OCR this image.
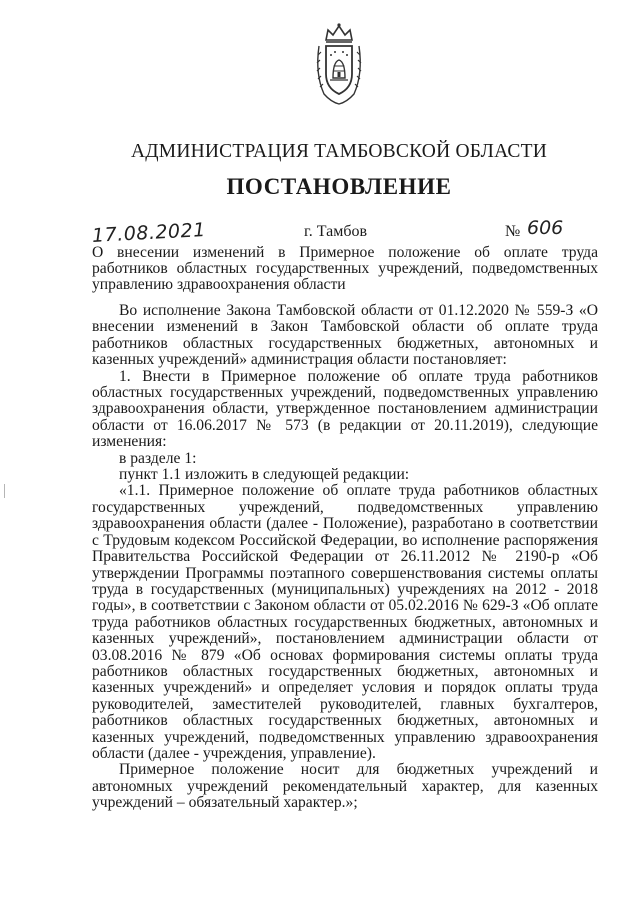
АДМИНИСТРАЦИЯ ТАМБОВСКОЙ ОБЛАСТИ
ПОСТАНОВЛЕНИЕ
17.08.2021	г. Тамбов	№ 606
О внесении изменений в Примерное положение об оплате труда работников областных государственных учреждений, подведомственных управлению здравоохранения области

Во исполнение Закона Тамбовской области от 01.12.2020 № 559-З «О внесении изменений в Закон Тамбовской области об оплате труда работников областных государственных бюджетных, автономных и казенных учреждений» администрация области постановляет:

1. Внести в Примерное положение об оплате труда работников областных государственных учреждений, подведомственных управлению здравоохранения области, утвержденное постановлением администрации области от 16.06.2017 № 573 (в редакции от 20.11.2019), следующие изменения:

в разделе 1:

пункт 1.1 изложить в следующей редакции:

«1.1. Примерное положение об оплате труда работников областных государственных учреждений, подведомственных управлению здравоохранения области (далее - Положение), разработано в соответствии с Трудовым кодексом Российской Федерации, во исполнение распоряжения Правительства Российской Федерации от 26.11.2012 № 2190-р «Об утверждении Программы поэтапного совершенствования системы оплаты труда в государственных (муниципальных) учреждениях на 2012 - 2018 годы», в соответствии с Законом области от 05.02.2016 № 629-З «Об оплате труда работников областных государственных бюджетных, автономных и казенных учреждений», постановлением администрации области от 03.08.2016 № 879 «Об основах формирования системы оплаты труда работников областных государственных бюджетных, автономных и казенных учреждений» и определяет условия и порядок оплаты труда руководителей, заместителей руководителей, главных бухгалтеров, работников областных государственных бюджетных, автономных и казенных учреждений, подведомственных управлению здравоохранения области (далее - учреждения, управление).

Примерное положение носит для бюджетных учреждений и автономных учреждений рекомендательный характер, для казенных учреждений – обязательный характер.»;
